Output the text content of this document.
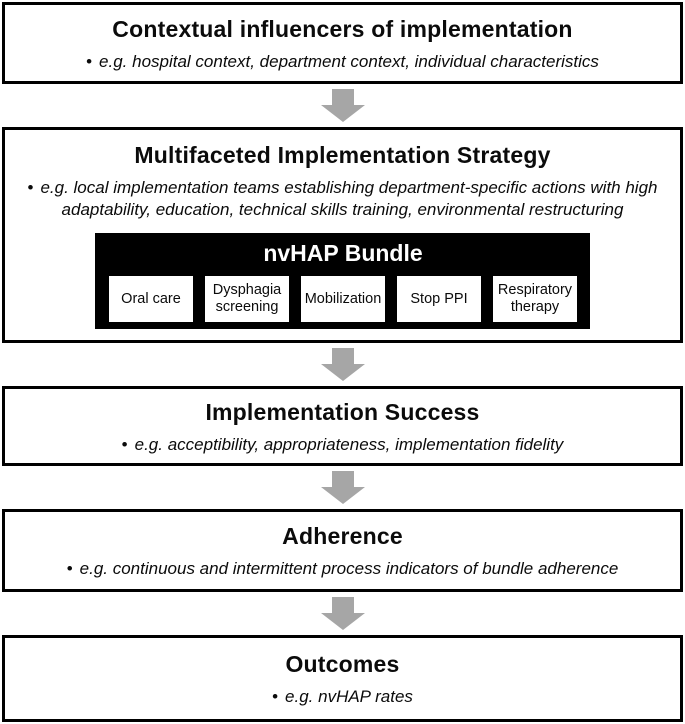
Contextual influencers of implementation
• e.g. hospital context, department context, individual characteristics
Multifaceted Implementation Strategy
• e.g. local implementation teams establishing department-specific actions with high adaptability, education, technical skills training, environmental restructuring
nvHAP Bundle
Oral care
Dysphagia screening
Mobilization	Stop PPI
Respiratory therapy
Implementation Success
• e.g. acceptibility, appropriateness, implementation fidelity
Adherence
• e.g. continuous and intermittent process indicators of bundle adherence
Outcomes
• e.g. nvHAP rates
